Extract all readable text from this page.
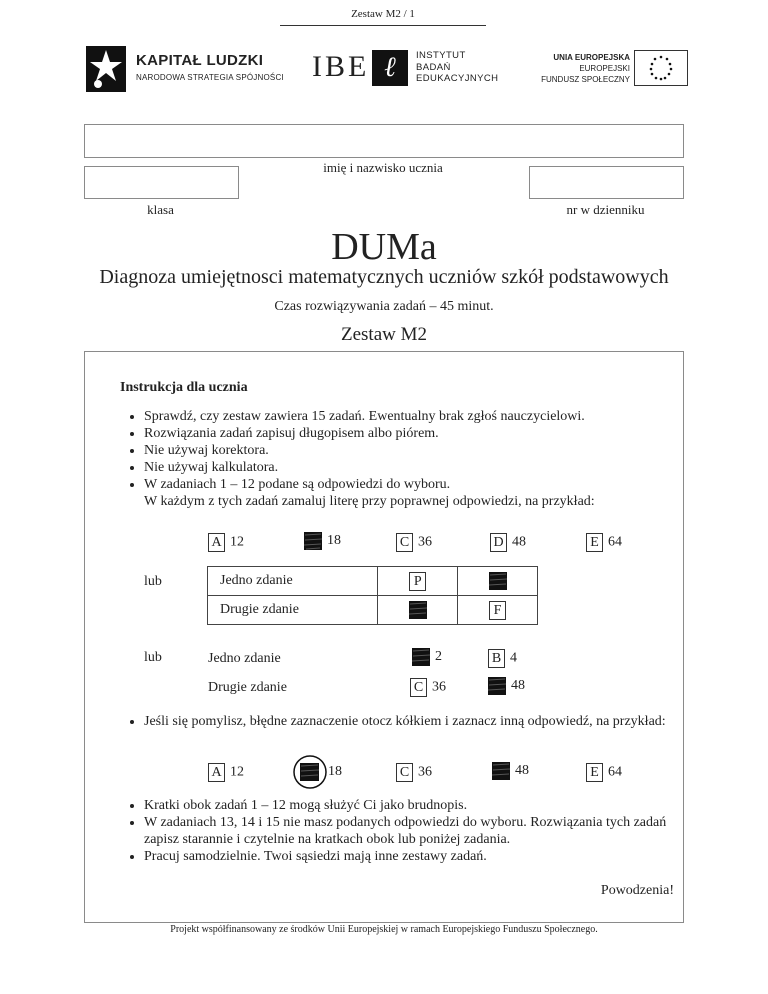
Zestaw M2 / 1
KAPITAŁ LUDZKI
NARODOWA STRATEGIA SPÓJNOŚCI IBE ℓ	INSTYTUT
BADAŃ
EDUKACYJNYCH
UNIA EUROPEJSKA
EUROPEJSKI
FUNDUSZ SPOŁECZNY
imię i nazwisko ucznia
klasa	nr w dzienniku
DUMa
Diagnoza umiejętnosci matematycznych uczniów szkół podstawowych
Czas rozwiązywania zadań – 45 minut.
Zestaw M2
Instrukcja dla ucznia
• Sprawdź, czy zestaw zawiera 15 zadań. Ewentualny brak zgłoś nauczycielowi.
• Rozwiązania zadań zapisuj długopisem albo piórem.
• Nie używaj korektora.
• Nie używaj kalkulatora.
• W zadaniach 1 – 12 podane są odpowiedzi do wyboru.
W każdym z tych zadań zamaluj literę przy poprawnej odpowiedzi, na przykład:
A 12	18	C 36	D 48	E 64
lub	Jedno zdanie	P	
Drugie zdanie		F
lub	Jedno zdanie	2	B 4
Drugie zdanie	C 36	48
• Jeśli się pomylisz, błędne zaznaczenie otocz kółkiem i zaznacz inną odpowiedź, na przykład:
A 12	18	C 36	48	E 64
• Kratki obok zadań 1 – 12 mogą służyć Ci jako brudnopis.
• W zadaniach 13, 14 i 15 nie masz podanych odpowiedzi do wyboru. Rozwiązania tych zadań zapisz starannie i czytelnie na kratkach obok lub poniżej zadania.
• Pracuj samodzielnie. Twoi sąsiedzi mają inne zestawy zadań.
Powodzenia!
Projekt współfinansowany ze środków Unii Europejskiej w ramach Europejskiego Funduszu Społecznego.
